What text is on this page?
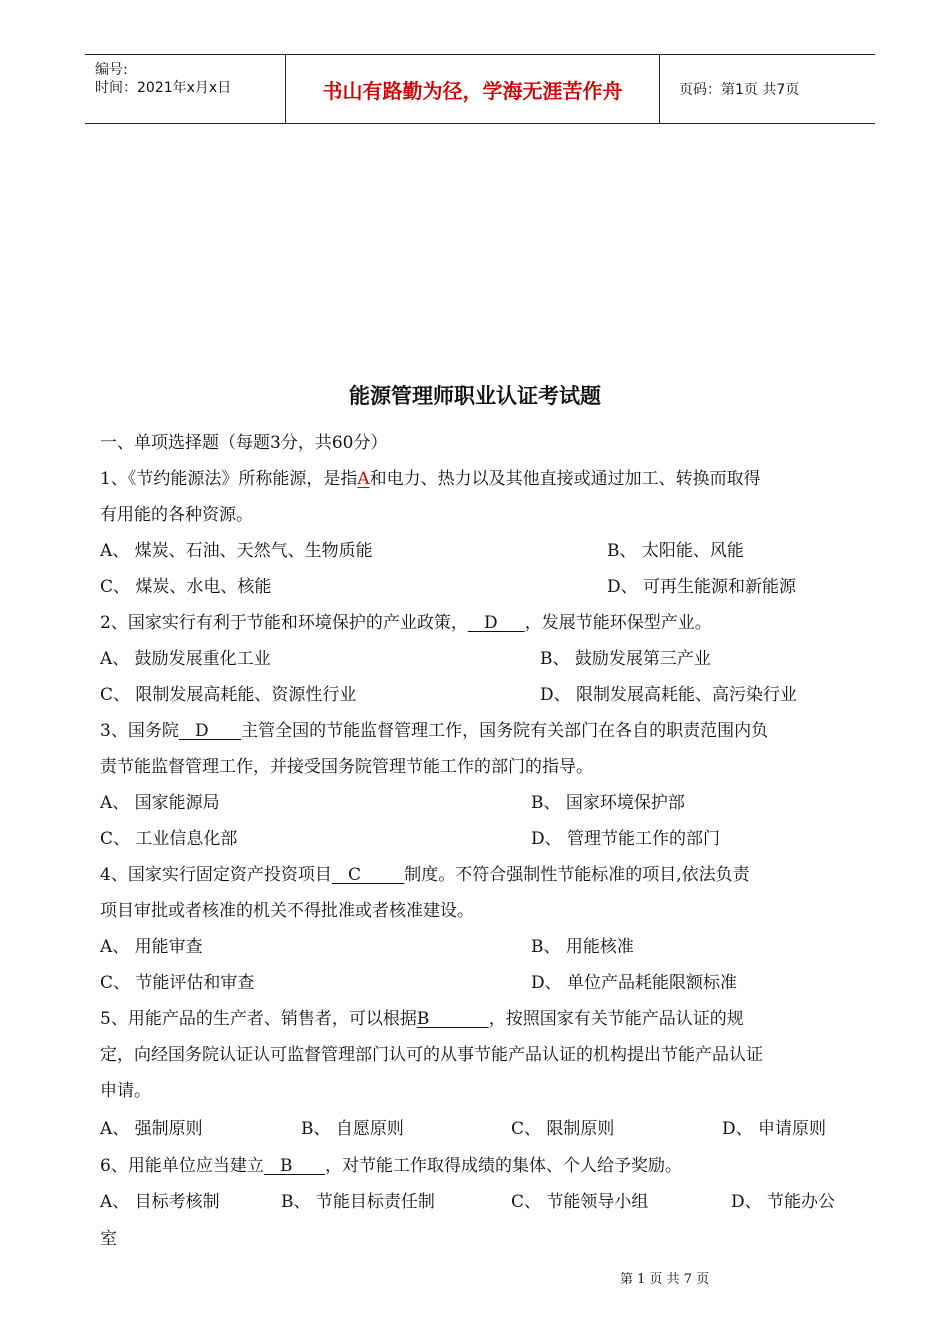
编号:
时间：2021年x月x日	书山有路勤为径，学海无涯苦作舟	页码：第1页 共7页
能源管理师职业认证考试题
一、单项选择题（每题3分，共60分）
1、《节约能源法》所称能源，是指A和电力、热力以及其他直接或通过加工、转换而取得
有用能的各种资源。
A、 煤炭、石油、天然气、生物质能	B、 太阳能、风能
C、 煤炭、水电、核能	D、 可再生能源和新能源
2、国家实行有利于节能和环境保护的产业政策，   D     ，发展节能环保型产业。
A、 鼓励发展重化工业	B、 鼓励发展第三产业
C、 限制发展高耗能、资源性行业	D、 限制发展高耗能、高污染行业
3、国务院   D      主管全国的节能监督管理工作，国务院有关部门在各自的职责范围内负
责节能监督管理工作，并接受国务院管理节能工作的部门的指导。
A、 国家能源局	B、 国家环境保护部
C、 工业信息化部	D、 管理节能工作的部门
4、国家实行固定资产投资项目   C        制度。不符合强制性节能标准的项目,依法负责
项目审批或者核准的机关不得批准或者核准建设。
A、 用能审查	B、 用能核准
C、 节能评估和审查	D、 单位产品耗能限额标准
5、用能产品的生产者、销售者，可以根据B           ，按照国家有关节能产品认证的规
定，向经国务院认证认可监督管理部门认可的从事节能产品认证的机构提出节能产品认证
申请。
A、 强制原则	B、 自愿原则	C、 限制原则	D、 申请原则
6、用能单位应当建立   B      ，对节能工作取得成绩的集体、个人给予奖励。
A、 目标考核制	B、 节能目标责任制	C、 节能领导小组	D、 节能办公
室
第 1 页 共 7 页
